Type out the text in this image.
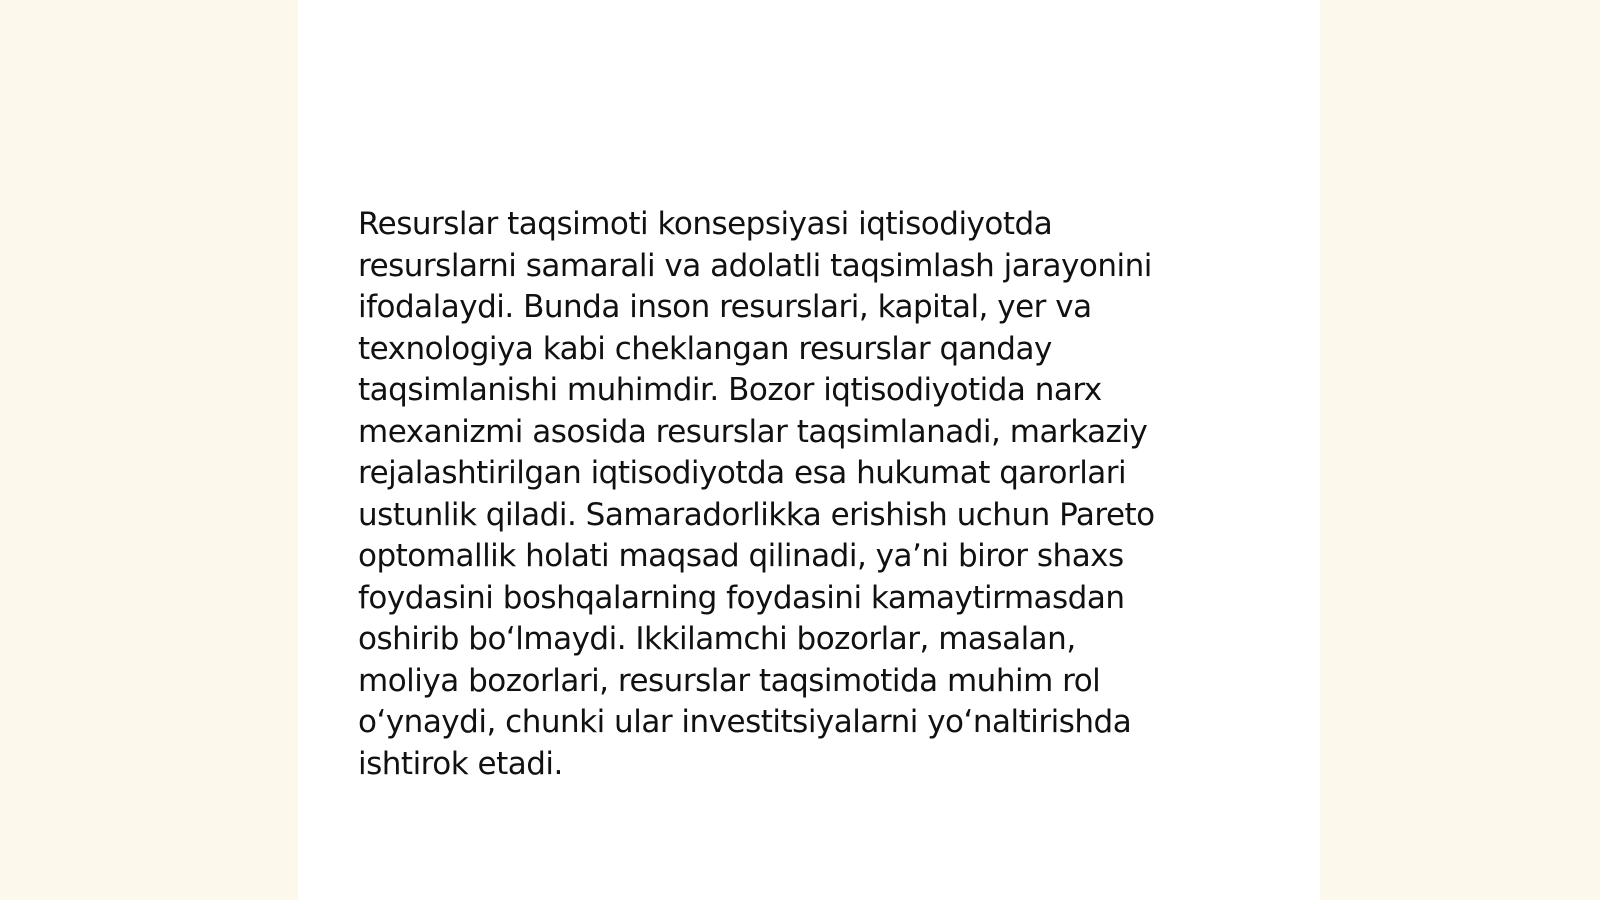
Resurslar taqsimoti konsepsiyasi iqtisodiyotda
resurslarni samarali va adolatli taqsimlash jarayonini
ifodalaydi. Bunda inson resurslari, kapital, yer va
texnologiya kabi cheklangan resurslar qanday
taqsimlanishi muhimdir. Bozor iqtisodiyotida narx
mexanizmi asosida resurslar taqsimlanadi, markaziy
rejalashtirilgan iqtisodiyotda esa hukumat qarorlari
ustunlik qiladi. Samaradorlikka erishish uchun Pareto
optomallik holati maqsad qilinadi, ya’ni biror shaxs
foydasini boshqalarning foydasini kamaytirmasdan
oshirib bo‘lmaydi. Ikkilamchi bozorlar, masalan,
moliya bozorlari, resurslar taqsimotida muhim rol
o‘ynaydi, chunki ular investitsiyalarni yo‘naltirishda
ishtirok etadi.
